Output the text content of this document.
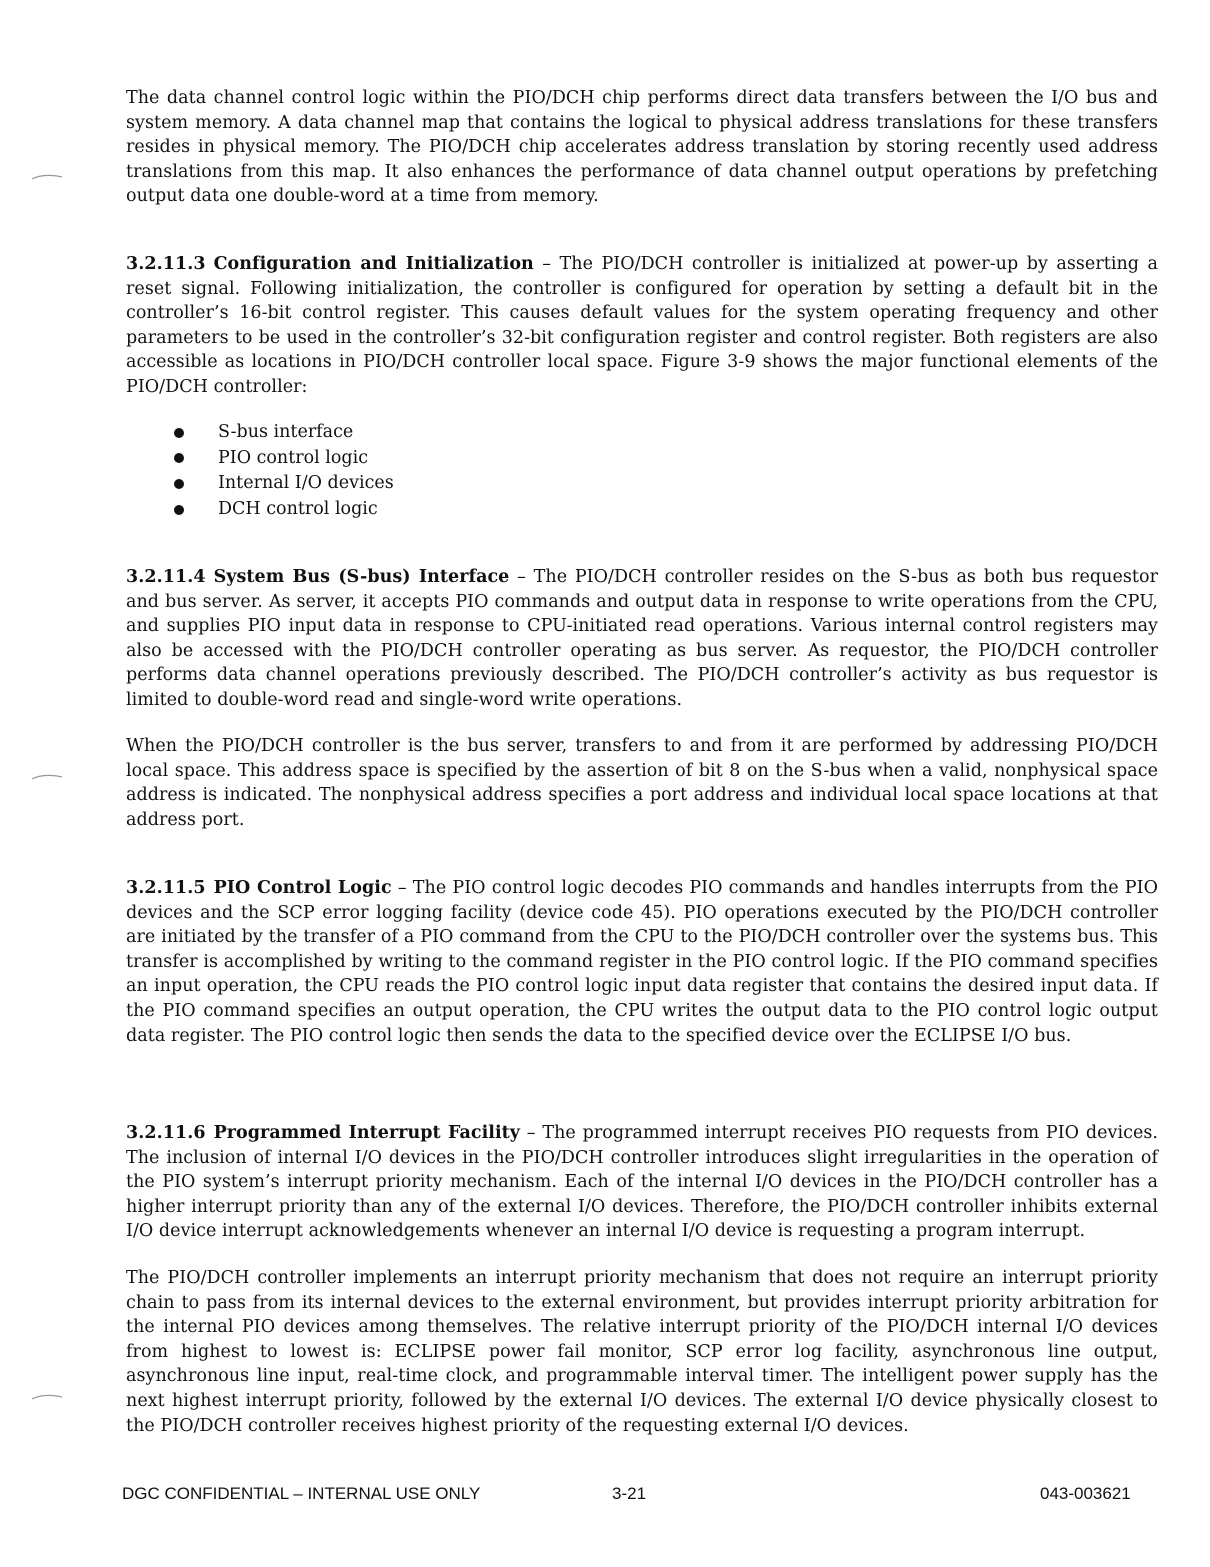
The data channel control logic within the PIO/DCH chip performs direct data transfers between the I/O bus and system memory. A data channel map that contains the logical to physical address translations for these transfers resides in physical memory. The PIO/DCH chip accelerates address translation by storing recently used address translations from this map. It also enhances the performance of data channel output operations by prefetching output data one double-word at a time from memory.

3.2.11.3 Configuration and Initialization – The PIO/DCH controller is initialized at power-up by asserting a reset signal. Following initialization, the controller is configured for operation by setting a default bit in the controller’s 16-bit control register. This causes default values for the system operating frequency and other parameters to be used in the controller’s 32-bit configuration register and control register. Both registers are also accessible as locations in PIO/DCH controller local space. Figure 3-9 shows the major functional elements of the PIO/DCH controller:

S-bus interface
PIO control logic
Internal I/O devices
DCH control logic

3.2.11.4 System Bus (S-bus) Interface – The PIO/DCH controller resides on the S-bus as both bus requestor and bus server. As server, it accepts PIO commands and output data in response to write operations from the CPU, and supplies PIO input data in response to CPU-initiated read operations. Various internal control registers may also be accessed with the PIO/DCH controller operating as bus server. As requestor, the PIO/DCH controller performs data channel operations previously described. The PIO/DCH controller’s activity as bus requestor is limited to double-word read and single-word write operations.

When the PIO/DCH controller is the bus server, transfers to and from it are performed by addressing PIO/DCH local space. This address space is specified by the assertion of bit 8 on the S-bus when a valid, nonphysical space address is indicated. The nonphysical address specifies a port address and individual local space locations at that address port.

3.2.11.5 PIO Control Logic – The PIO control logic decodes PIO commands and handles interrupts from the PIO devices and the SCP error logging facility (device code 45). PIO operations executed by the PIO/DCH controller are initiated by the transfer of a PIO command from the CPU to the PIO/DCH controller over the systems bus. This transfer is accomplished by writing to the command register in the PIO control logic. If the PIO command specifies an input operation, the CPU reads the PIO control logic input data register that contains the desired input data. If the PIO command specifies an output operation, the CPU writes the output data to the PIO control logic output data register. The PIO control logic then sends the data to the specified device over the ECLIPSE I/O bus.

3.2.11.6 Programmed Interrupt Facility – The programmed interrupt receives PIO requests from PIO devices. The inclusion of internal I/O devices in the PIO/DCH controller introduces slight irregularities in the operation of the PIO system’s interrupt priority mechanism. Each of the internal I/O devices in the PIO/DCH controller has a higher interrupt priority than any of the external I/O devices. Therefore, the PIO/DCH controller inhibits external I/O device interrupt acknowledgements whenever an internal I/O device is requesting a program interrupt.

The PIO/DCH controller implements an interrupt priority mechanism that does not require an interrupt priority chain to pass from its internal devices to the external environment, but provides interrupt priority arbitration for the internal PIO devices among themselves. The relative interrupt priority of the PIO/DCH internal I/O devices from highest to lowest is: ECLIPSE power fail monitor, SCP error log facility, asynchronous line output, asynchronous line input, real-time clock, and programmable interval timer. The intelligent power supply has the next highest interrupt priority, followed by the external I/O devices. The external I/O device physically closest to the PIO/DCH controller receives highest priority of the requesting external I/O devices.

DGC CONFIDENTIAL – INTERNAL USE ONLY	3-21	043-003621
